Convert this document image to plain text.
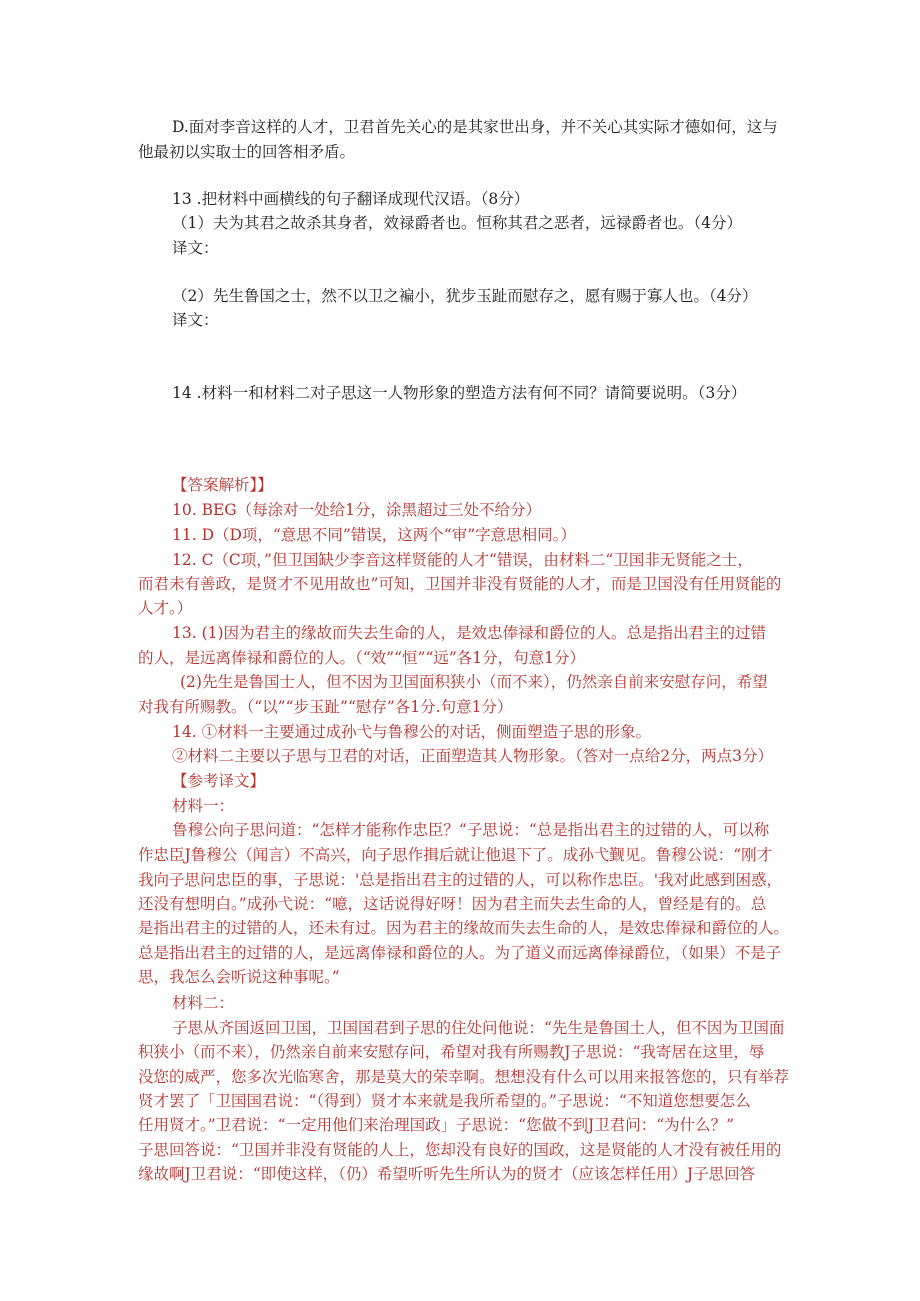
D.面对李音这样的人才，卫君首先关心的是其家世出身，并不关心其实际才德如何，这与
他最初以实取士的回答相矛盾。
13 .把材料中画横线的句子翻译成现代汉语。（8分）
（1）夫为其君之故杀其身者，效禄爵者也。恒称其君之恶者，远禄爵者也。（4分）
译文：
（2）先生鲁国之士，然不以卫之褊小，犹步玉趾而慰存之，愿有赐于寡人也。（4分）
译文：
14 .材料一和材料二对子思这一人物形象的塑造方法有何不同？请简要说明。（3分）
【答案解析】】
10. BEG（每涂对一处给1分，涂黑超过三处不给分）
11. D（D项，“意思不同”错误，这两个“审”字意思相同。）
12. C（C项，”但卫国缺少李音这样贤能的人才“错误，由材料二“卫国非无贤能之士，
而君未有善政，是贤才不见用故也”可知，卫国并非没有贤能的人才，而是卫国没有任用贤能的
人才。）
13. (1)因为君主的缘故而失去生命的人，是效忠俸禄和爵位的人。总是指出君主的过错
的人，是远离俸禄和爵位的人。（“效”“恒”“远”各1分，句意1分）
(2)先生是鲁国士人，但不因为卫国面积狭小（而不来），仍然亲自前来安慰存问，希望
对我有所赐教。（“以”“步玉趾”“慰存”各1分.句意1分）
14. ①材料一主要通过成孙弋与鲁穆公的对话，侧面塑造子思的形象。
②材料二主要以子思与卫君的对话，正面塑造其人物形象。（答对一点给2分，两点3分）
【参考译文】
材料一：
鲁穆公向子思问道：“怎样才能称作忠臣？“子思说：“总是指出君主的过错的人，可以称
作忠臣J鲁穆公（闻言）不高兴，向子思作揖后就让他退下了。成孙弋觐见。鲁穆公说：“刚才
我向子思问忠臣的事，子思说：'总是指出君主的过错的人，可以称作忠臣。'我对此感到困惑，
还没有想明白。”成孙弋说：“噫，这话说得好呀！因为君主而失去生命的人，曾经是有的。总
是指出君主的过错的人，还未有过。因为君主的缘故而失去生命的人，是效忠俸禄和爵位的人。
总是指出君主的过错的人，是远离俸禄和爵位的人。为了道义而远离俸禄爵位，（如果）不是子
思，我怎么会听说这种事呢。”
材料二：
子思从齐国返回卫国，卫国国君到子思的住处问他说：“先生是鲁国土人，但不因为卫国面
积狭小（而不来），仍然亲自前来安慰存问，希望对我有所赐教J子思说：“我寄居在这里，辱
没您的威严，您多次光临寒舍，那是莫大的荣幸啊。想想没有什么可以用来报答您的，只有举荐
贤才罢了「卫国国君说：“（得到）贤才本来就是我所希望的。”子思说：“不知道您想要怎么
任用贤才。”卫君说：“一定用他们来治理国政」子思说：“您做不到J卫君问：“为什么？”
子思回答说：“卫国并非没有贤能的人上，您却没有良好的国政，这是贤能的人才没有被任用的
缘故啊J卫君说：“即使这样，（仍）希望听听先生所认为的贤才（应该怎样任用）J子思回答
